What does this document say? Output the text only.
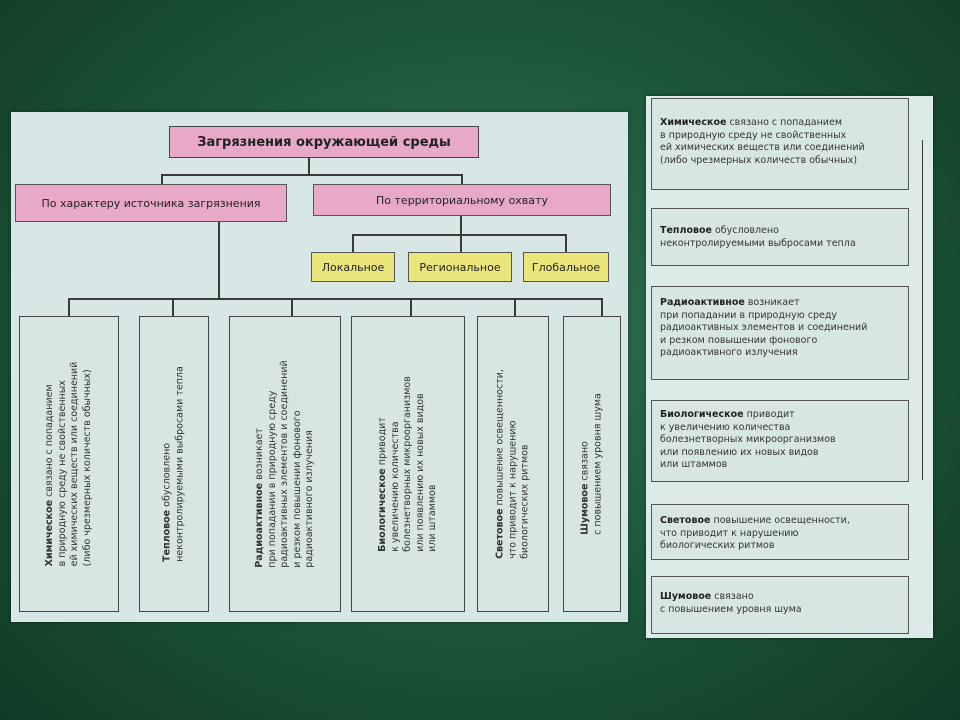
Загрязнения окружающей среды
По характеру источника загрязнения	По территориальному охвату
Локальное	Региональное	Глобальное
Химическое связано с попаданием в природную среду не свойственных ей химических веществ или соединений (либо чрезмерных количеств обычных)	Тепловое обусловлено неконтролируемыми выбросами тепла	Радиоактивное возникает при попадании в природную среду радиоактивных элементов и соединений и резком повышении фонового радиоактивного излучения	Биологическое приводит к увеличению количества болезнетворных микроорганизмов или появлению их новых видов или штаммов	Световое повышение освещенности, что приводит к нарушению биологических ритмов	Шумовое связано с повышением уровня шума
Химическое связано с попаданием
в природную среду не свойственных
ей химических веществ или соединений
(либо чрезмерных количеств обычных)
Тепловое обусловлено
неконтролируемыми выбросами тепла
Радиоактивное возникает
при попадании в природную среду
радиоактивных элементов и соединений
и резком повышении фонового
радиоактивного излучения
Биологическое приводит
к увеличению количества
болезнетворных микроорганизмов
или появлению их новых видов
или штаммов
Световое повышение освещенности,
что приводит к нарушению
биологических ритмов
Шумовое связано
с повышением уровня шума
